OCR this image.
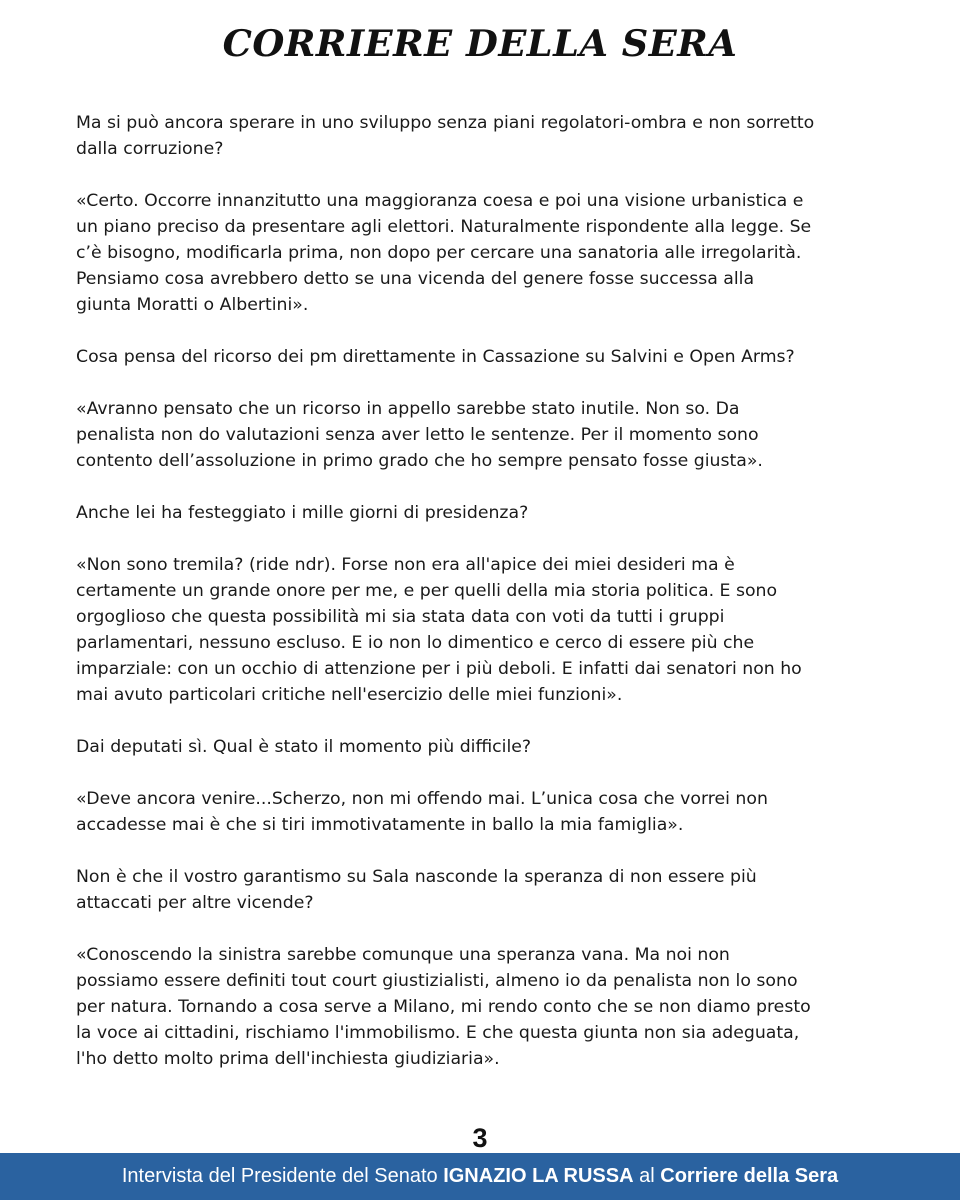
CORRIERE DELLA SERA

Ma si può ancora sperare in uno sviluppo senza piani regolatori-ombra e non sorretto
dalla corruzione?

«Certo. Occorre innanzitutto una maggioranza coesa e poi una visione urbanistica e
un piano preciso da presentare agli elettori. Naturalmente rispondente alla legge. Se
c’è bisogno, modificarla prima, non dopo per cercare una sanatoria alle irregolarità.
Pensiamo cosa avrebbero detto se una vicenda del genere fosse successa alla
giunta Moratti o Albertini».

Cosa pensa del ricorso dei pm direttamente in Cassazione su Salvini e Open Arms?

«Avranno pensato che un ricorso in appello sarebbe stato inutile. Non so. Da
penalista non do valutazioni senza aver letto le sentenze. Per il momento sono
contento dell’assoluzione in primo grado che ho sempre pensato fosse giusta».

Anche lei ha festeggiato i mille giorni di presidenza?

«Non sono tremila? (ride ndr). Forse non era all'apice dei miei desideri ma è
certamente un grande onore per me, e per quelli della mia storia politica. E sono
orgoglioso che questa possibilità mi sia stata data con voti da tutti i gruppi
parlamentari, nessuno escluso. E io non lo dimentico e cerco di essere più che
imparziale: con un occhio di attenzione per i più deboli. E infatti dai senatori non ho
mai avuto particolari critiche nell'esercizio delle miei funzioni».

Dai deputati sì. Qual è stato il momento più difficile?

«Deve ancora venire...Scherzo, non mi offendo mai. L’unica cosa che vorrei non
accadesse mai è che si tiri immotivatamente in ballo la mia famiglia».

Non è che il vostro garantismo su Sala nasconde la speranza di non essere più
attaccati per altre vicende?

«Conoscendo la sinistra sarebbe comunque una speranza vana. Ma noi non
possiamo essere definiti tout court giustizialisti, almeno io da penalista non lo sono
per natura. Tornando a cosa serve a Milano, mi rendo conto che se non diamo presto
la voce ai cittadini, rischiamo l'immobilismo. E che questa giunta non sia adeguata,
l'ho detto molto prima dell'inchiesta giudiziaria».

3
Intervista del Presidente del Senato IGNAZIO LA RUSSA al Corriere della Sera
